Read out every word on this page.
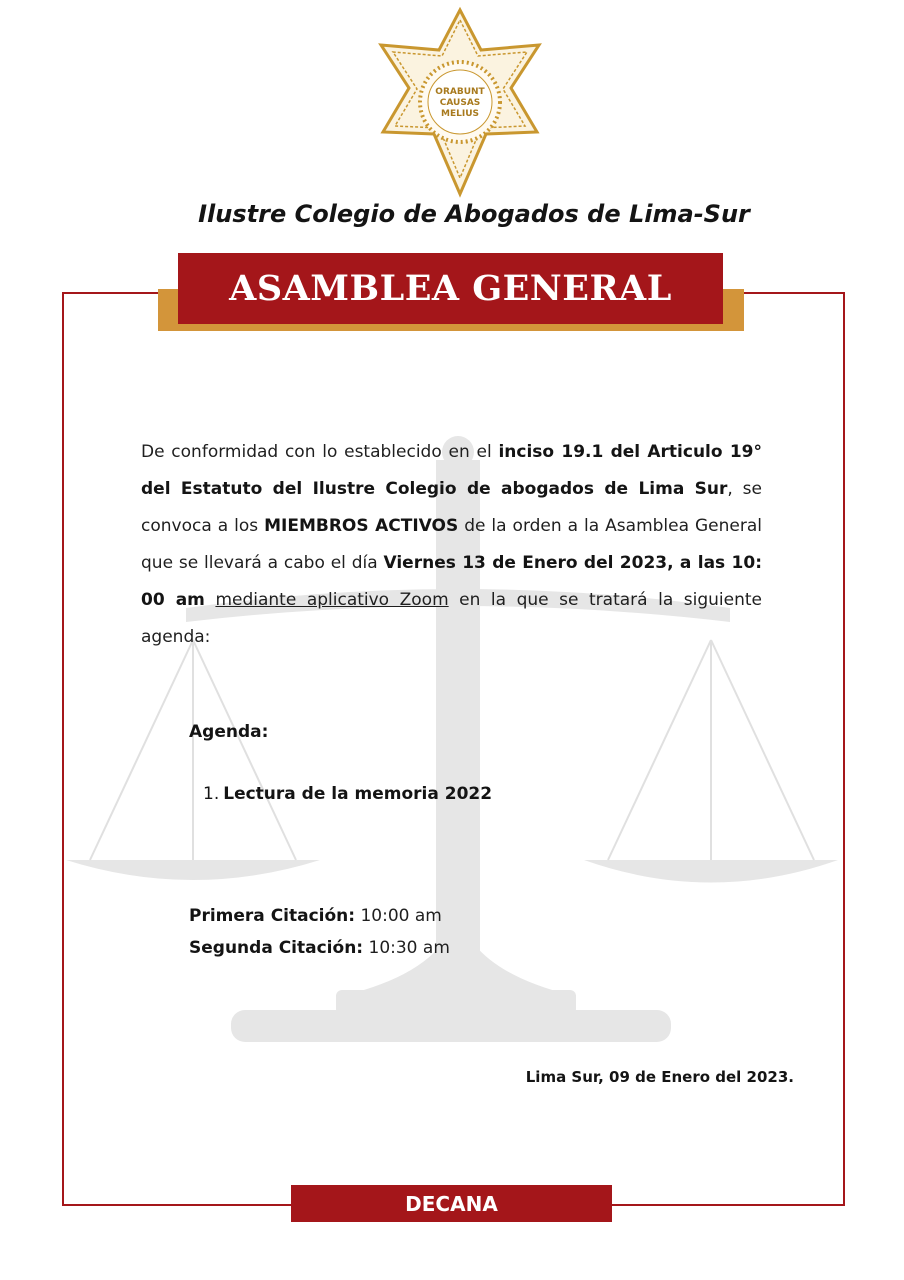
ORABUNT CAUSAS MELIUS

Ilustre Colegio de Abogados de Lima-Sur

ASAMBLEA GENERAL

De conformidad con lo establecido en el inciso 19.1 del Articulo 19° del Estatuto del Ilustre Colegio de abogados de Lima Sur, se convoca a los MIEMBROS ACTIVOS de la orden a la Asamblea General que se llevará a cabo el día Viernes 13 de Enero del 2023, a las 10: 00 am mediante aplicativo Zoom en la que se tratará la siguiente agenda:

Agenda:

1. Lectura de la memoria 2022

Primera Citación: 10:00 am

Segunda Citación: 10:30 am

Lima Sur, 09 de Enero del 2023.

DECANA
